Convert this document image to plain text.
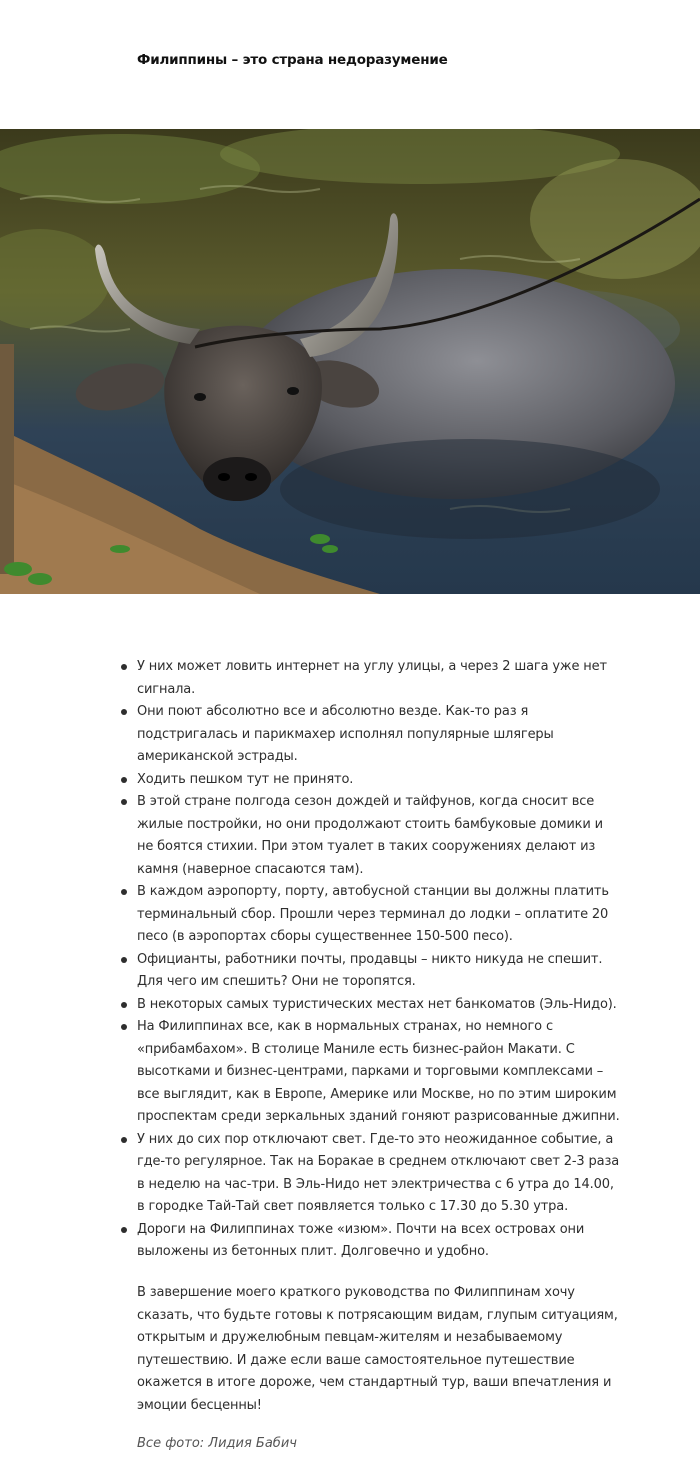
Филиппины – это страна недоразумение
У них может ловить интернет на углу улицы, а через 2 шага уже нет сигнала.
Они поют абсолютно все и абсолютно везде. Как-то раз я подстригалась и парикмахер исполнял популярные шлягеры американской эстрады.
Ходить пешком тут не принято.
В этой стране полгода сезон дождей и тайфунов, когда сносит все жилые постройки, но они продолжают стоить бамбуковые домики и не боятся стихии. При этом туалет в таких сооружениях делают из камня (наверное спасаются там).
В каждом аэропорту, порту, автобусной станции вы должны платить терминальный сбор. Прошли через терминал до лодки – оплатите 20 песо (в аэропортах сборы существеннее 150-500 песо).
Официанты, работники почты, продавцы – никто никуда не спешит. Для чего им спешить? Они не торопятся.
В некоторых самых туристических местах нет банкоматов (Эль-Нидо).
На Филиппинах все, как в нормальных странах, но немного с «прибамбахом». В столице Маниле есть бизнес-район Макати. С высотками и бизнес-центрами, парками и торговыми комплексами – все выглядит, как в Европе, Америке или Москве, но по этим широким проспектам среди зеркальных зданий гоняют разрисованные джипни.
У них до сих пор отключают свет. Где-то это неожиданное событие, а где-то регулярное. Так на Боракае в среднем отключают свет 2-3 раза в неделю на час-три. В Эль-Нидо нет электричества с 6 утра до 14.00, в городке Тай-Тай свет появляется только с 17.30 до 5.30 утра.
Дороги на Филиппинах тоже «изюм». Почти на всех островах они выложены из бетонных плит. Долговечно и удобно.

В завершение моего краткого руководства по Филиппинам хочу сказать, что будьте готовы к потрясающим видам, глупым ситуациям, открытым и дружелюбным певцам-жителям и незабываемому путешествию. И даже если ваше самостоятельное путешествие окажется в итоге дороже, чем стандартный тур, ваши впечатления и эмоции бесценны!

Все фото: Лидия Бабич
